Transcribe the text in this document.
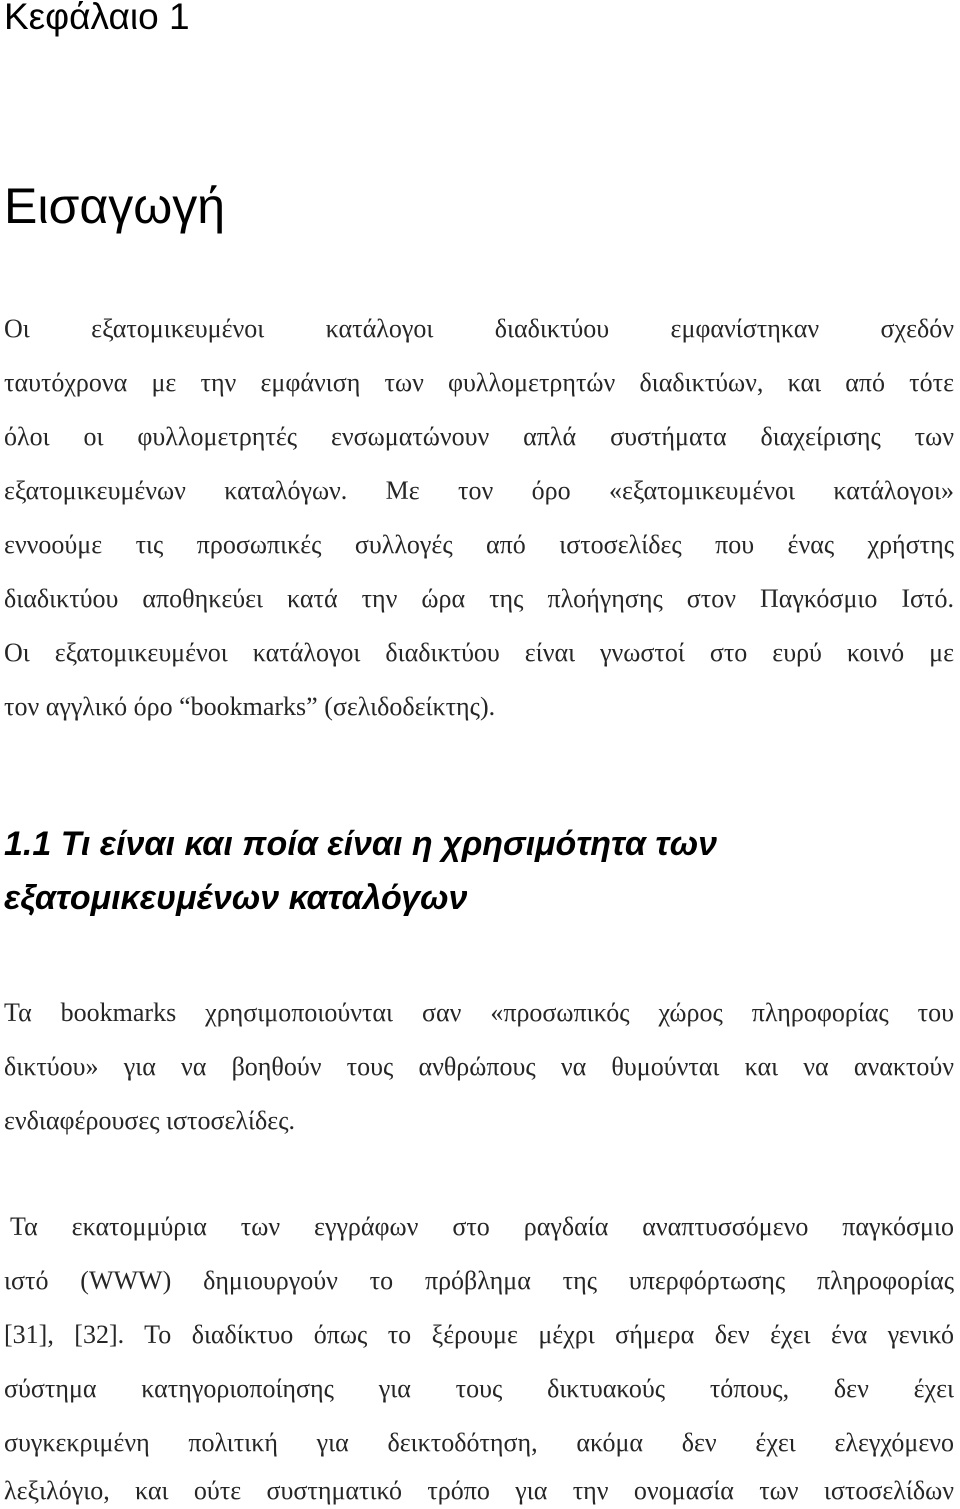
Κεφάλαιο 1
Εισαγωγή
Οι εξατομικευμένοι κατάλογοι διαδικτύου εμφανίστηκαν σχεδόν
ταυτόχρονα με την εμφάνιση των φυλλομετρητών διαδικτύων, και από τότε
όλοι οι φυλλομετρητές ενσωματώνουν απλά συστήματα διαχείρισης των
εξατομικευμένων καταλόγων. Με τον όρο «εξατομικευμένοι κατάλογοι»
εννοούμε τις προσωπικές συλλογές από ιστοσελίδες που ένας χρήστης
διαδικτύου αποθηκεύει κατά την ώρα της πλοήγησης στον Παγκόσμιο Ιστό.
Οι εξατομικευμένοι κατάλογοι διαδικτύου είναι γνωστοί στο ευρύ κοινό με
τον αγγλικό όρο “bookmarks” (σελιδοδείκτης).
1.1 Τι είναι και ποία είναι η χρησιμότητα των εξατομικευμένων καταλόγων
Τα bookmarks χρησιμοποιούνται σαν «προσωπικός χώρος πληροφορίας του
δικτύου» για να βοηθούν τους ανθρώπους να θυμούνται και να ανακτούν
ενδιαφέρουσες ιστοσελίδες.
Τα εκατομμύρια των εγγράφων στο ραγδαία αναπτυσσόμενο παγκόσμιο
ιστό (WWW) δημιουργούν το πρόβλημα της υπερφόρτωσης πληροφορίας
[31], [32]. Το διαδίκτυο όπως το ξέρουμε μέχρι σήμερα δεν έχει ένα γενικό
σύστημα κατηγοριοποίησης για τους δικτυακούς τόπους, δεν έχει
συγκεκριμένη πολιτική για δεικτοδότηση, ακόμα δεν έχει ελεγχόμενο
λεξιλόγιο, και ούτε συστηματικό τρόπο για την ονομασία των ιστοσελίδων
